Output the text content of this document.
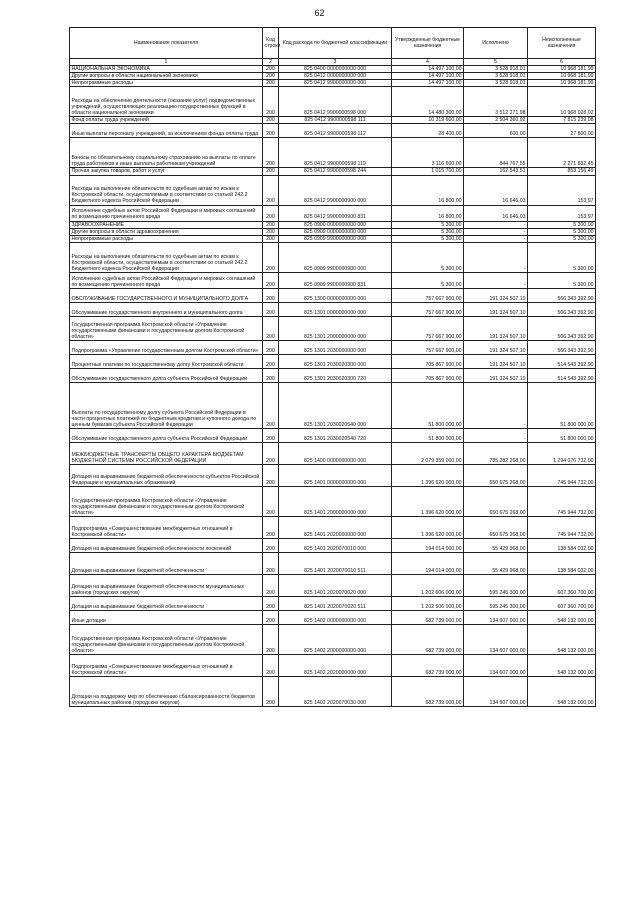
62
Наименование показателя	Код строки	Код расхода по бюджетной классификации	Утвержденные бюджетные назначения	Исполнено	Неисполненные назначения
1	2	3	4	5	6
НАЦИОНАЛЬНАЯ ЭКОНОМИКА	200	825 0400 0000000000 000	14 497 100,00	3 528 918,01	10 968 181,99
Другие вопросы в области национальной экономики	200	825 0412 0000000000 000	14 497 100,00	3 528 918,01	10 968 181,99
Непрограммные расходы	200	825 0412 9900000000 000	14 497 100,00	3 528 918,01	10 968 181,99
Расходы на обеспечение деятельности (оказание услуг) подведомственных учреждений, осуществляющих реализацию государственных функций в области национальной экономики	200	825 0412 9900000598 000	14 480 300,00	3 512 271,98	10 968 028,02
Фонд оплаты труда учреждений	200	825 0412 9900000598 111	10 319 600,00	2 504 360,92	7 815 239,08
Иные выплаты персоналу учреждений, за исключением фонда оплаты труда	200	825 0412 9900000598 112	28 400,00	600,00	27 800,00
Взносы по обязательному социальному страхованию на выплаты по оплате труда работников и иные выплаты работникам учреждений	200	825 0412 9900000598 119	3 116 600,00	844 767,55	2 271 832,45
Прочая закупка товаров, работ и услуг	200	825 0412 9900000598 244	1 015 700,00	162 543,51	853 156,49
Расходы на выполнение обязательств по судебным актам по искам к Костромской области, осуществляемым в соответствии со статьей 242.2 Бюджетного кодекса Российской Федерации	200	825 0412 9900000900 000	16 800,00	16 646,03	153,97
Исполнение судебных актов Российской Федерации и мировых соглашений по возмещению причиненного вреда	200	825 0412 9900000900 831	16 800,00	16 646,03	153,97
ЗДРАВООХРАНЕНИЕ	200	825 0900 0000000000 000	5 300,00	-	5 300,00
Другие вопросы в области здравоохранения	200	825 0909 0000000000 000	5 300,00	-	5 300,00
Непрограммные расходы	200	825 0909 9900000000 000	5 300,00	-	5 300,00
Расходы на выполнение обязательств по судебным актам по искам к Костромской области, осуществляемым в соответствии со статьей 242.2 Бюджетного кодекса Российской Федерации	200	825 0909 9900000900 000	5 300,00	-	5 300,00
Исполнение судебных актов Российской Федерации и мировых соглашений по возмещению причиненного вреда	200	825 0909 9900000900 831	5 300,00	-	5 300,00
ОБСЛУЖИВАНИЕ ГОСУДАРСТВЕННОГО И МУНИЦИПАЛЬНОГО ДОЛГА	200	825 1300 0000000000 000	757 667 900,00	191 324 507,10	566 343 392,90
Обслуживание государственного внутреннего и муниципального долга	200	825 1301 0000000000 000	757 667 900,00	191 324 507,10	566 343 392,90
Государственная программа Костромской области «Управление государственными финансами и государственным долгом Костромской области»	200	825 1301 2000000000 000	757 667 900,00	191 324 507,10	566 343 392,90
Подпрограмма «Управление государственным долгом Костромской области»	200	825 1301 2030000000 000	757 667 900,00	191 324 507,10	566 343 392,90
Процентные платежи по государственному долгу Костромской области	200	825 1301 2030020300 000	705 867 900,00	191 324 507,10	514 543 392,90
Обслуживание государственного долга субъекта Российской Федерации	200	825 1301 2030020300 720	705 867 900,00	191 324 507,10	514 543 392,90
Выплаты по государственному долгу субъекта Российской Федерации в части процентных платежей по бюджетным кредитам и купонного дохода по ценным бумагам субъекта Российской Федерации	200	825 1301 2030020540 000	51 800 000,00	-	51 800 000,00
Обслуживание государственного долга субъекта Российской Федерации	200	825 1301 2030020540 720	51 800 000,00	-	51 800 000,00
МЕЖБЮДЖЕТНЫЕ ТРАНСФЕРТЫ ОБЩЕГО ХАРАКТЕРА БЮДЖЕТАМ БЮДЖЕТНОЙ СИСТЕМЫ РОССИЙСКОЙ ФЕДЕРАЦИИ	200	825 1400 0000000000 000	2 079 359 000,00	785 282 268,00	1 294 076 732,00
Дотации на выравнивание бюджетной обеспеченности субъектов Российской Федерации и муниципальных образований	200	825 1401 0000000000 000	1 396 620 000,00	650 675 268,00	745 944 732,00
Государственная программа Костромской области «Управление государственными финансами и государственным долгом Костромской области»	200	825 1401 2000000000 000	1 396 620 000,00	650 675 268,00	745 944 732,00
Подпрограмма «Совершенствование межбюджетных отношений в Костромской области»	200	825 1401 2020000000 000	1 396 620 000,00	650 675 268,00	745 944 732,00
Дотации на выравнивание бюджетной обеспеченности поселений	200	825 1401 2020070010 000	194 014 000,00	55 429 968,00	138 584 032,00
Дотации на выравнивание бюджетной обеспеченности	200	825 1401 2020070010 511	194 014 000,00	55 429 968,00	138 584 032,00
Дотации на выравнивание бюджетной обеспеченности муниципальных районов (городских округов)	200	825 1401 2020070020 000	1 202 606 000,00	595 245 300,00	607 360 700,00
Дотации на выравнивание бюджетной обеспеченности	200	825 1401 2020070020 511	1 202 606 000,00	595 245 300,00	607 360 700,00
Иные дотации	200	825 1402 0000000000 000	682 739 000,00	134 607 000,00	548 132 000,00
Государственная программа Костромской области «Управление государственными финансами и государственным долгом Костромской области»	200	825 1402 2000000000 000	682 739 000,00	134 607 000,00	548 132 000,00
Подпрограмма «Совершенствование межбюджетных отношений в Костромской области»	200	825 1402 2020000000 000	682 739 000,00	134 607 000,00	548 132 000,00
Дотации на поддержку мер по обеспечению сбалансированности бюджетов муниципальных районов (городских округов)	200	825 1402 2020070030 000	682 739 000,00	134 607 000,00	548 132 000,00
